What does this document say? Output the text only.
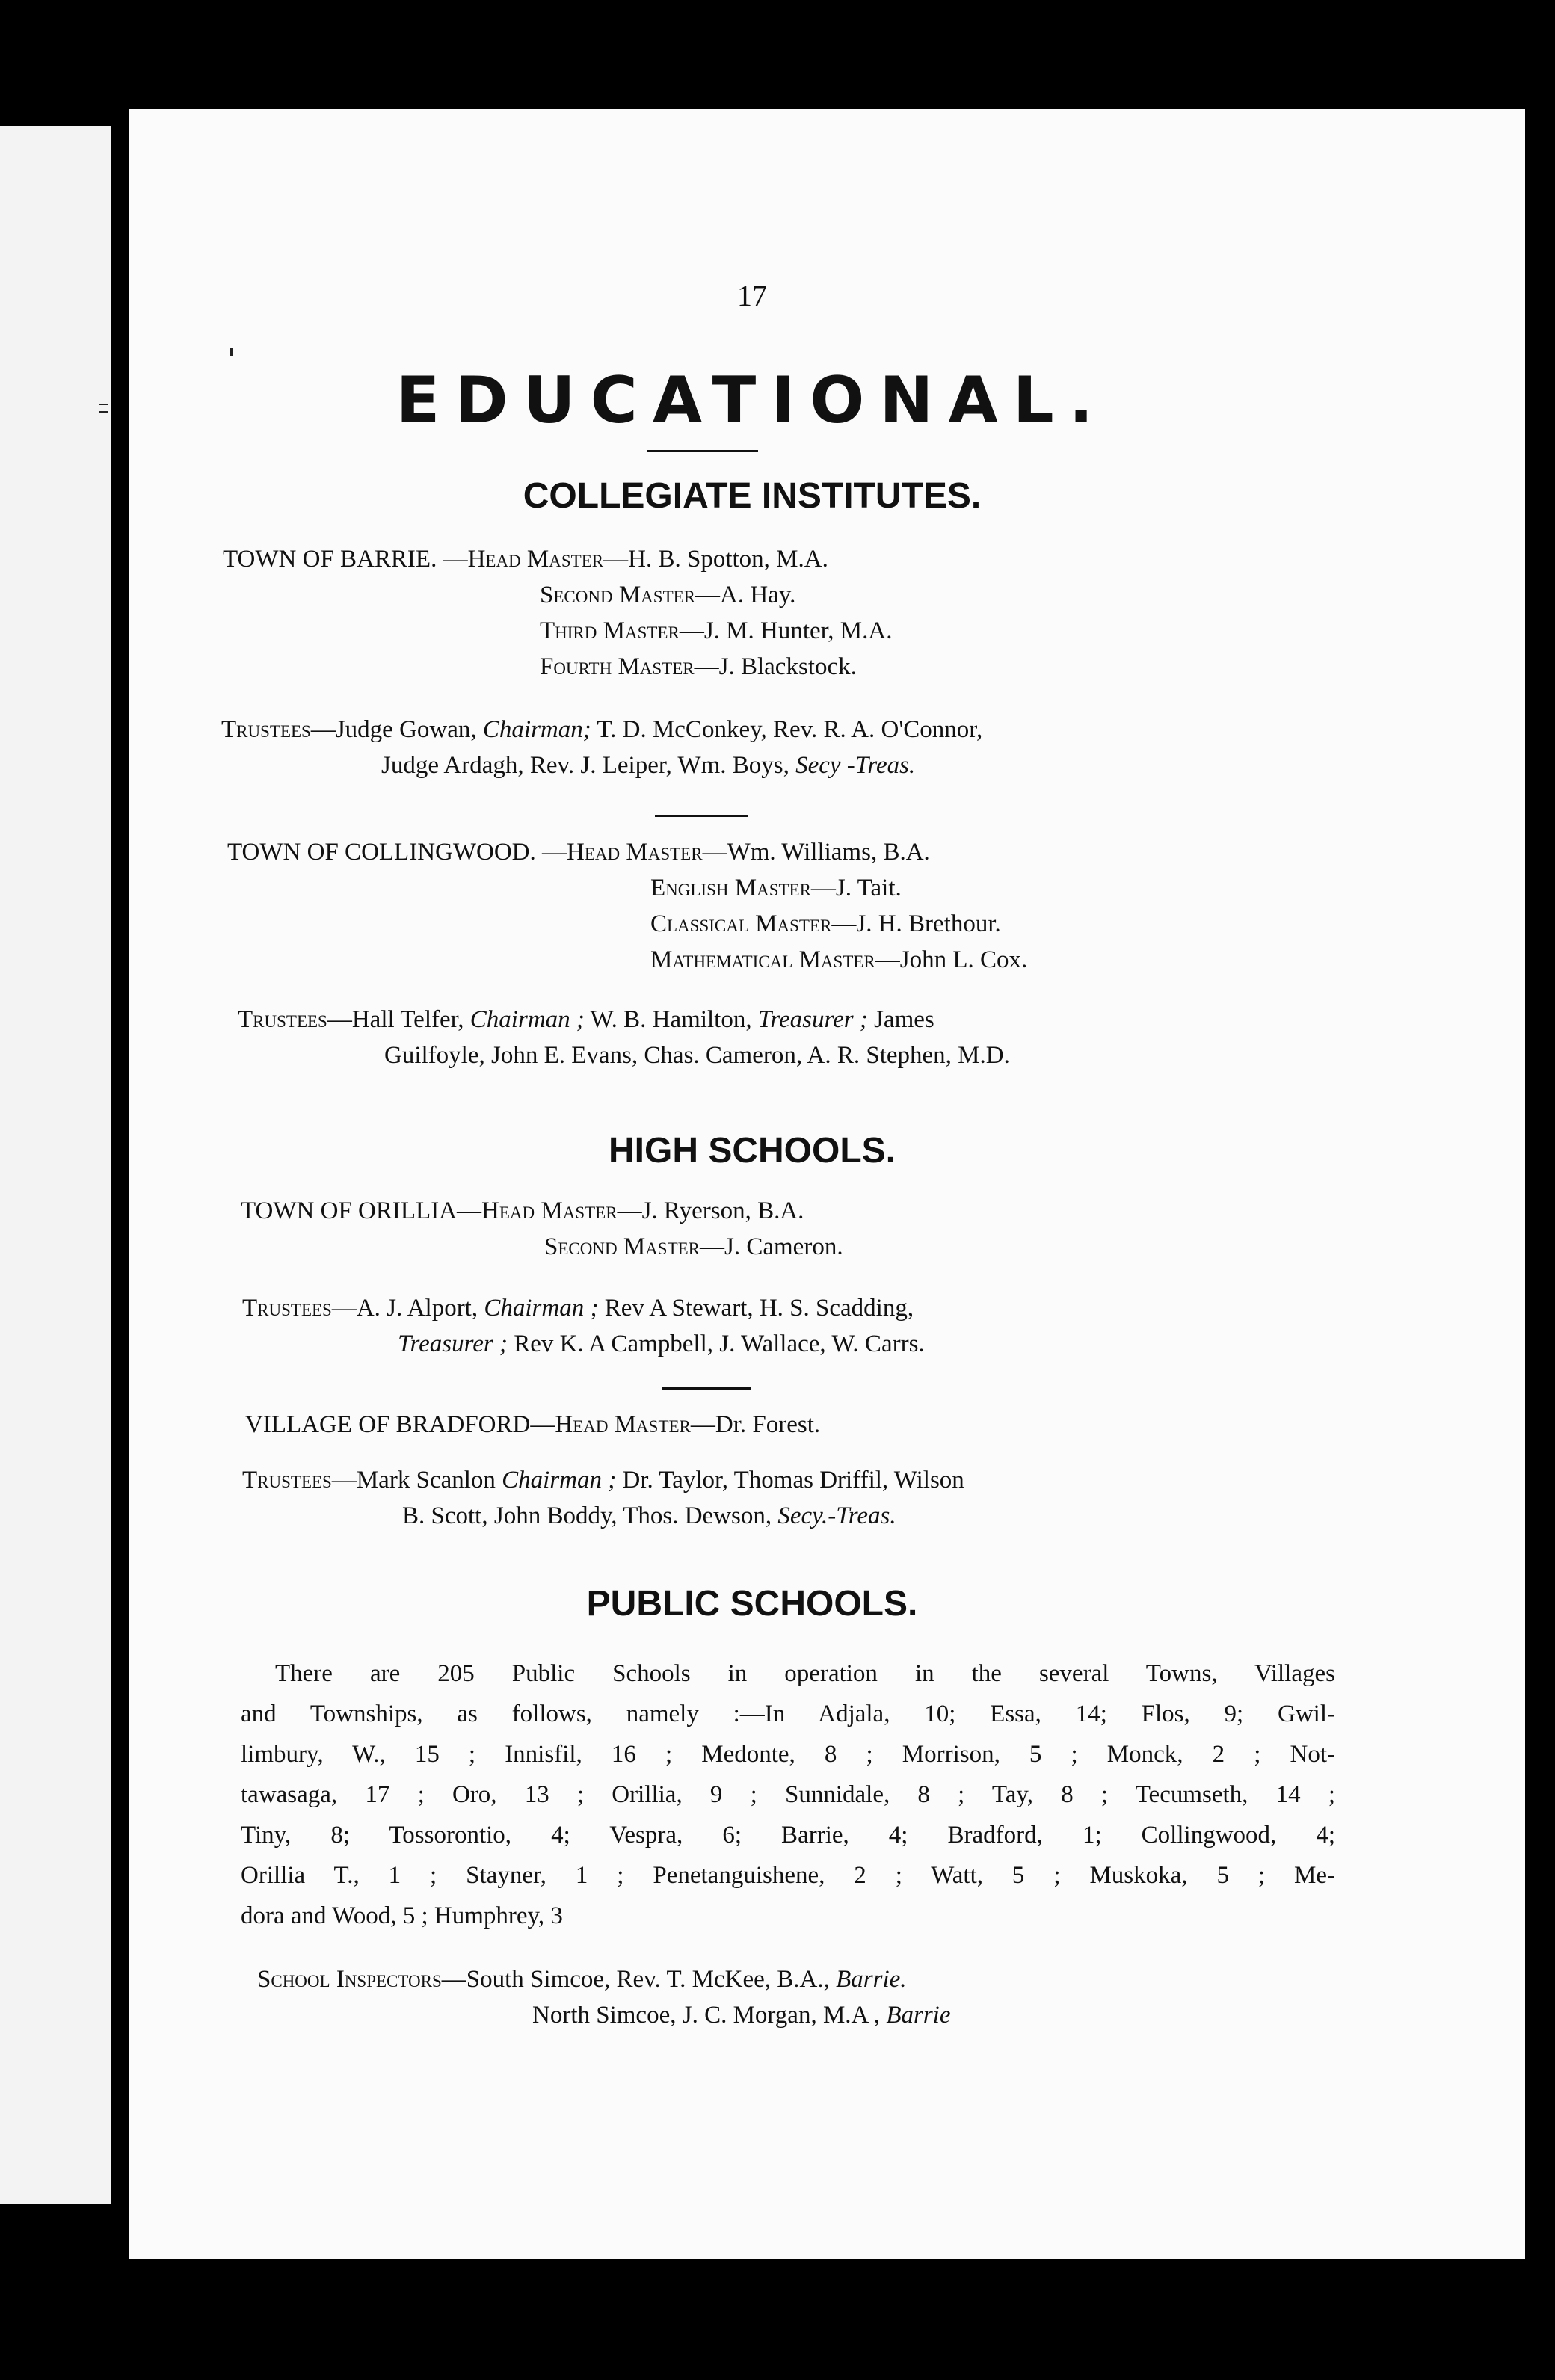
17
EDUCATIONAL.
COLLEGIATE INSTITUTES.
TOWN OF BARRIE. —Head Master—H. B. Spotton, M.A.
Second Master—A. Hay.
Third Master—J. M. Hunter, M.A.
Fourth Master—J. Blackstock.
Trustees—Judge Gowan, Chairman; T. D. McConkey, Rev. R. A. O'Connor,
Judge Ardagh, Rev. J. Leiper, Wm. Boys, Secy -Treas.
TOWN OF COLLINGWOOD. —Head Master—Wm. Williams, B.A.
English Master—J. Tait.
Classical Master—J. H. Brethour.
Mathematical Master—John L. Cox.
Trustees—Hall Telfer, Chairman ; W. B. Hamilton, Treasurer ; James
Guilfoyle, John E. Evans, Chas. Cameron, A. R. Stephen, M.D.
HIGH SCHOOLS.
TOWN OF ORILLIA—Head Master—J. Ryerson, B.A.
Second Master—J. Cameron.
Trustees—A. J. Alport, Chairman ; Rev A Stewart, H. S. Scadding,
Treasurer ; Rev K. A Campbell, J. Wallace, W. Carrs.
VILLAGE OF BRADFORD—Head Master—Dr. Forest.
Trustees—Mark Scanlon Chairman ; Dr. Taylor, Thomas Driffil, Wilson
B. Scott, John Boddy, Thos. Dewson, Secy.-Treas.
PUBLIC SCHOOLS.
There are 205 Public Schools in operation in the several Towns, Villages
and Townships, as follows, namely :—In Adjala, 10; Essa, 14; Flos, 9; Gwil-
limbury, W., 15 ; Innisfil, 16 ; Medonte, 8 ; Morrison, 5 ; Monck, 2 ; Not-
tawasaga, 17 ; Oro, 13 ; Orillia, 9 ; Sunnidale, 8 ; Tay, 8 ; Tecumseth, 14 ;
Tiny, 8; Tossorontio, 4; Vespra, 6; Barrie, 4; Bradford, 1; Collingwood, 4;
Orillia T., 1 ; Stayner, 1 ; Penetanguishene, 2 ; Watt, 5 ; Muskoka, 5 ; Me-
dora and Wood, 5 ; Humphrey, 3
School Inspectors—South Simcoe, Rev. T. McKee, B.A., Barrie.
North Simcoe, J. C. Morgan, M.A , Barrie
